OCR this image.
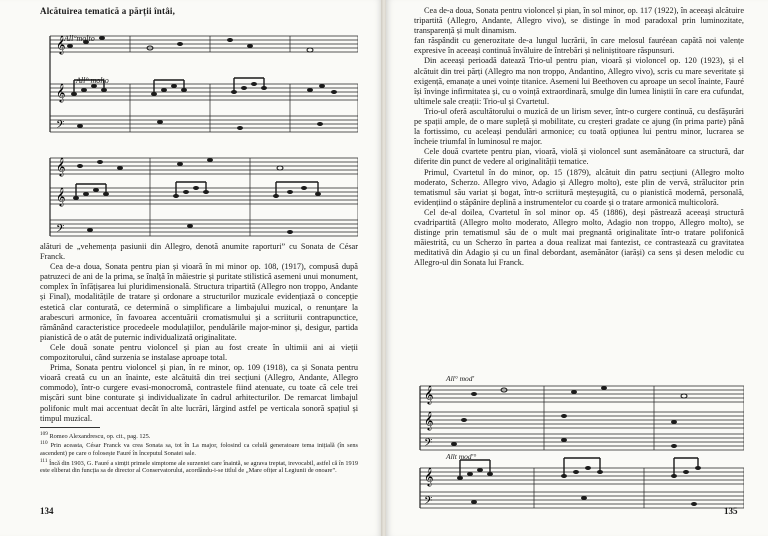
Alcătuirea tematică a părții întâi,
𝄞
𝄞
𝄢
𝄞
𝄞
𝄢
All°molto
All° molto

alături de „vehemența pasiunii din Allegro, denotă anumite raporturi” cu Sonata de César Franck.

Cea de-a doua, Sonata pentru pian și vioară în mi minor op. 108, (1917), compusă după patruzeci de ani de la prima, se înalță în măiestrie și puritate stilistică asemeni unui monument, complex în înfățișarea lui pluridimensională. Structura tripartită (Allegro non troppo, Andante și Final), modalitățile de tratare și ordonare a structurilor muzicale evidențiază o concepție estetică clar conturată, ce determină o simplificare a limbajului muzical, o renunțare la arabescuri armonice, în favoarea accentuării cromatismului și a scriiturii contrapunctice, rămânând caracteristice procedeele modulațiilor, pendulările major-minor și, desigur, partida pianistică de o atât de puternic individualizată originalitate.

Cele două sonate pentru violoncel și pian au fost create în ultimii ani ai vieții compozitorului, când surzenia se instalase aproape total.

Prima, Sonata pentru violoncel și pian, în re minor, op. 109 (1918), ca și Sonata pentru vioară creată cu un an înainte, este alcătuită din trei secțiuni (Allegro, Andante, Allegro commodo), într-o curgere evasi-monocromă, contrastele fiind atenuate, cu toate că cele trei mișcări sunt bine conturate și individualizate în cadrul arhitecturilor. De remarcat limbajul polifonic mult mai accentuat decât în alte lucrări, lărgind astfel pe verticala sonoră spațiul și timpul muzical.

$^{109}$ Romeo Alexandrescu, op. cit., pag. 125.

$^{110}$ Prin aceasta, César Franck va crea Sonata sa, tot în La major, folosind ca celulă generatoare tema inițială (în sens ascendent) pe care o folosește Fauré în începutul Sonatei sale.

$^{111}$ Încă din 1903, G. Fauré a simțit primele simptome ale surzeniei care înaintă, se agrava treptat, irevocabil, astfel că în 1919 este eliberat din funcția sa de director al Conservatorului, acordându-i-se titlul de „Mare ofițer al Legiunii de onoare”.

134

Cea de-a doua, Sonata pentru violoncel și pian, în sol minor, op. 117 (1922), în aceeași alcătuire tripartită (Allegro, Andante, Allegro vivo), se distinge în mod paradoxal prin luminozitate, transparență și mult dinamism.

fan răspândit cu generozitate de-a lungul lucrării, în care melosul fauréean capătă noi valențe expresive în aceeași continuă învăluire de întrebări și neliniștitoare răspunsuri.

Din aceeași perioadă datează Trio-ul pentru pian, vioară și violoncel op. 120 (1923), și el alcătuit din trei părți (Allegro ma non troppo, Andantino, Allegro vivo), scris cu mare severitate și exigență, emanațe a unei voințe titanice. Asemeni lui Beethoven cu aproape un secol înainte, Fauré își învinge infirmitatea și, cu o voință extraordinară, smulge din lumea liniștii în care era cufundat, ultimele sale creații: Trio-ul și Cvartetul.

Trio-ul oferă ascultătorului o muzică de un lirism sever, într-o curgere continuă, cu desfășurări pe spații ample, de o mare supleță și mobilitate, cu creșteri gradate ce ajung (în prima parte) până la fortissimo, cu aceleași pendulări armonice; cu toată opțiunea lui pentru minor, lucrarea se încheie triumfal în luminosul re major.

Cele două cvartete pentru pian, vioară, violă și violoncel sunt asemănătoare ca structură, dar diferite din punct de vedere al originalității tematice.

Primul, Cvartetul în do minor, op. 15 (1879), alcătuit din patru secțiuni (Allegro molto moderato, Scherzo. Allegro vivo, Adagio și Allegro molto), este plin de vervă, strălucitor prin tematismul său variat și bogat, într-o scriitură meșteșugită, cu o pianistică modernă, personală, evidențiind o stăpânire deplină a instrumentelor cu coarde și o tratare armonică multicoloră.

Cel de-al doilea, Cvartetul în sol minor op. 45 (1886), deși păstrează aceeași structură cvadripartită (Allegro molto moderato, Allegro molto, Adagio non troppo, Allegro molto), se distinge prin tematismul său de o mult mai pregnantă originalitate într-o tratare polifonică măiestrită, cu un Scherzo în partea a doua realizat mai fantezist, ce contrastează cu gravitatea meditativă din Adagio și cu un final debordant, asemănător (iarăși) ca sens și desen melodic cu Allegro-ul din Sonata lui Franck.

𝄞
𝄞
𝄢
𝄞
𝄢
All° mod'
Allt mod'°
135
